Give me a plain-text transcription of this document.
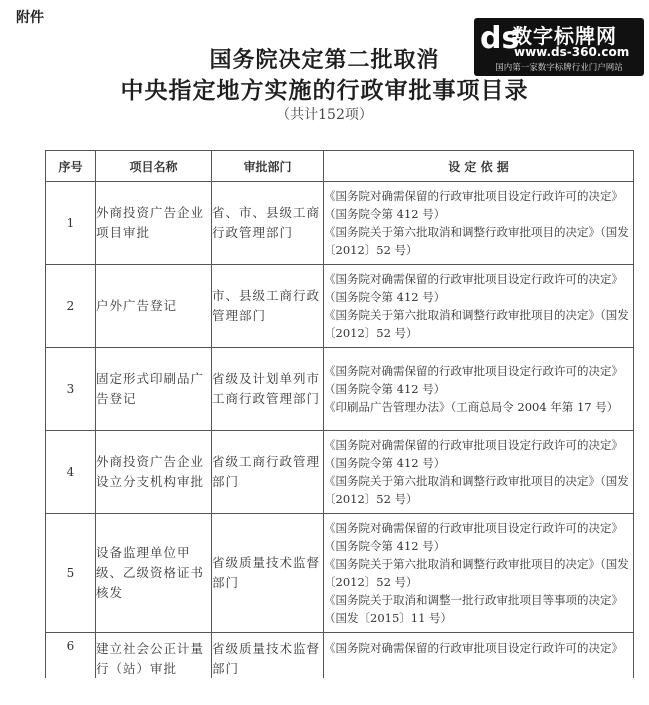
附件
ⅾs
数字标牌网
www.ds-360.com
国内第一家数字标牌行业门户网站
国务院决定第二批取消
中央指定地方实施的行政审批事项目录
（共计152项）
序号	项目名称	审批部门	设 定 依 据
1	外商投资广告企业项目审批	省、市、县级工商行政管理部门	《国务院对确需保留的行政审批项目设定行政许可的决定》（国务院令第 412 号）
《国务院关于第六批取消和调整行政审批项目的决定》（国发〔2012〕52 号）

2	户外广告登记	市、县级工商行政管理部门	《国务院对确需保留的行政审批项目设定行政许可的决定》（国务院令第 412 号）
《国务院关于第六批取消和调整行政审批项目的决定》（国发〔2012〕52 号）

3	固定形式印刷品广告登记	省级及计划单列市工商行政管理部门	《国务院对确需保留的行政审批项目设定行政许可的决定》（国务院令第 412 号）
《印刷品广告管理办法》（工商总局令 2004 年第 17 号）

4	外商投资广告企业设立分支机构审批	省级工商行政管理部门	《国务院对确需保留的行政审批项目设定行政许可的决定》（国务院令第 412 号）
《国务院关于第六批取消和调整行政审批项目的决定》（国发〔2012〕52 号）

5	设备监理单位甲级、乙级资格证书核发	省级质量技术监督部门	《国务院对确需保留的行政审批项目设定行政许可的决定》（国务院令第 412 号）
《国务院关于第六批取消和调整行政审批项目的决定》（国发〔2012〕52 号）
《国务院关于取消和调整一批行政审批项目等事项的决定》（国发〔2015〕11 号）

6	建立社会公正计量行（站）审批	省级质量技术监督部门	《国务院对确需保留的行政审批项目设定行政许可的决定》
